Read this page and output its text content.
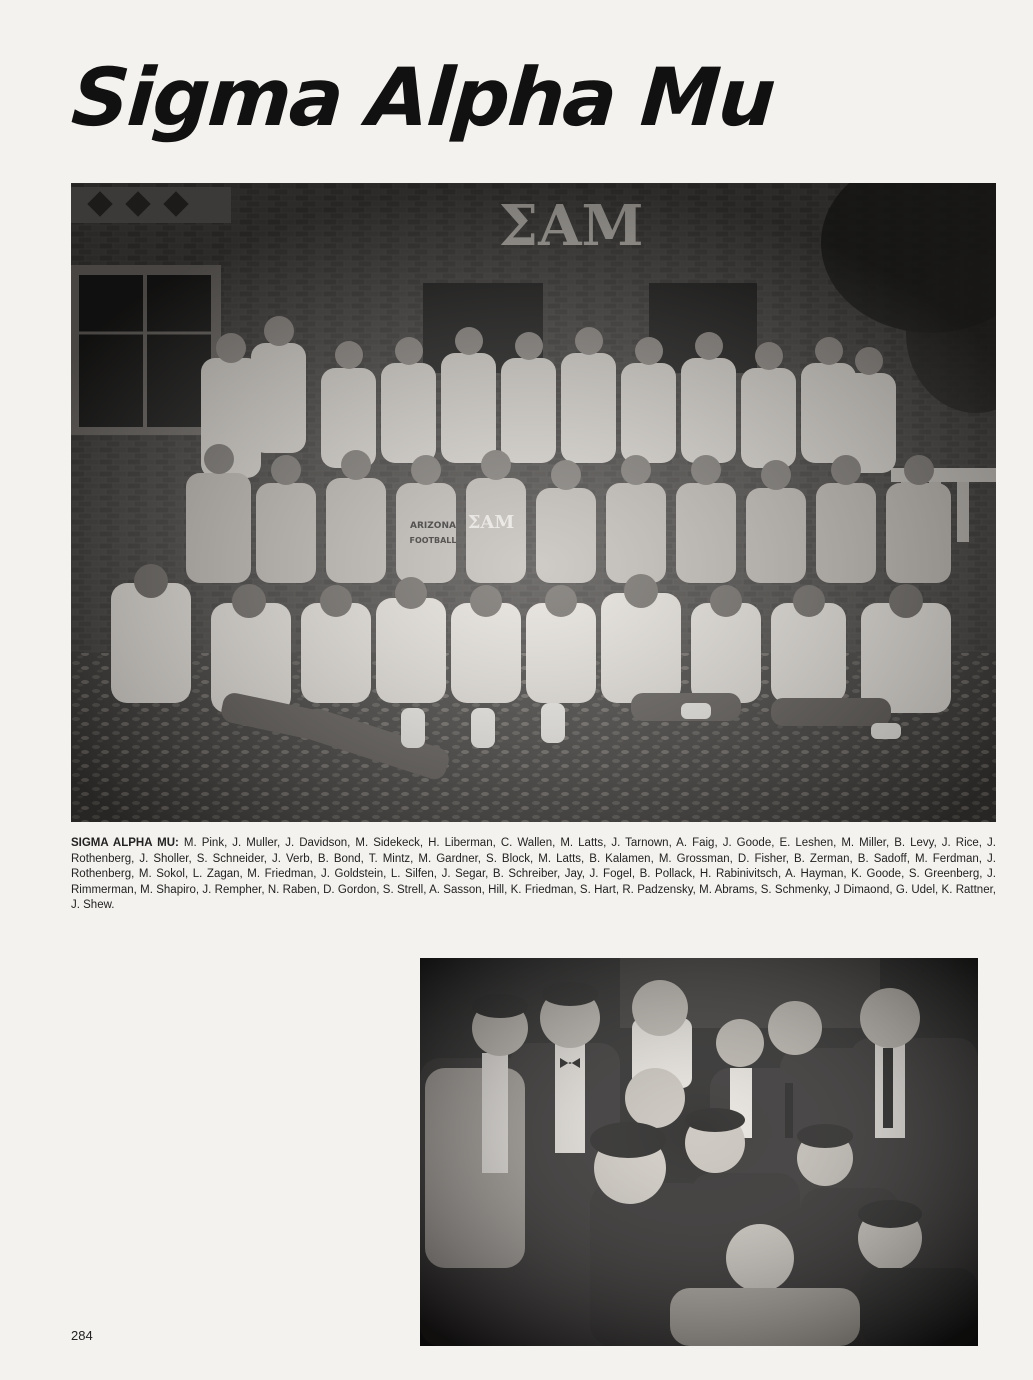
Sigma Alpha Mu

SIGMA ALPHA MU: M. Pink, J. Muller, J. Davidson, M. Sidekeck, H. Liberman, C. Wallen, M. Latts, J. Tarnown, A. Faig, J. Goode, E. Leshen, M. Miller, B. Levy, J. Rice, J. Rothenberg, J. Sholler, S. Schneider, J. Verb, B. Bond, T. Mintz, M. Gardner, S. Block, M. Latts, B. Kalamen, M. Grossman, D. Fisher, B. Zerman, B. Sadoff, M. Ferdman, J. Rothenberg, M. Sokol, L. Zagan, M. Friedman, J. Goldstein, L. Silfen, J. Segar, B. Schreiber, Jay, J. Fogel, B. Pollack, H. Rabinivitsch, A. Hayman, K. Goode, S. Greenberg, J. Rimmerman, M. Shapiro, J. Rempher, N. Raben, D. Gordon, S. Strell, A. Sasson, Hill, K. Friedman, S. Hart, R. Padzensky, M. Abrams, S. Schmenky, J Dimaond, G. Udel, K. Rattner, J. Shew.

284
